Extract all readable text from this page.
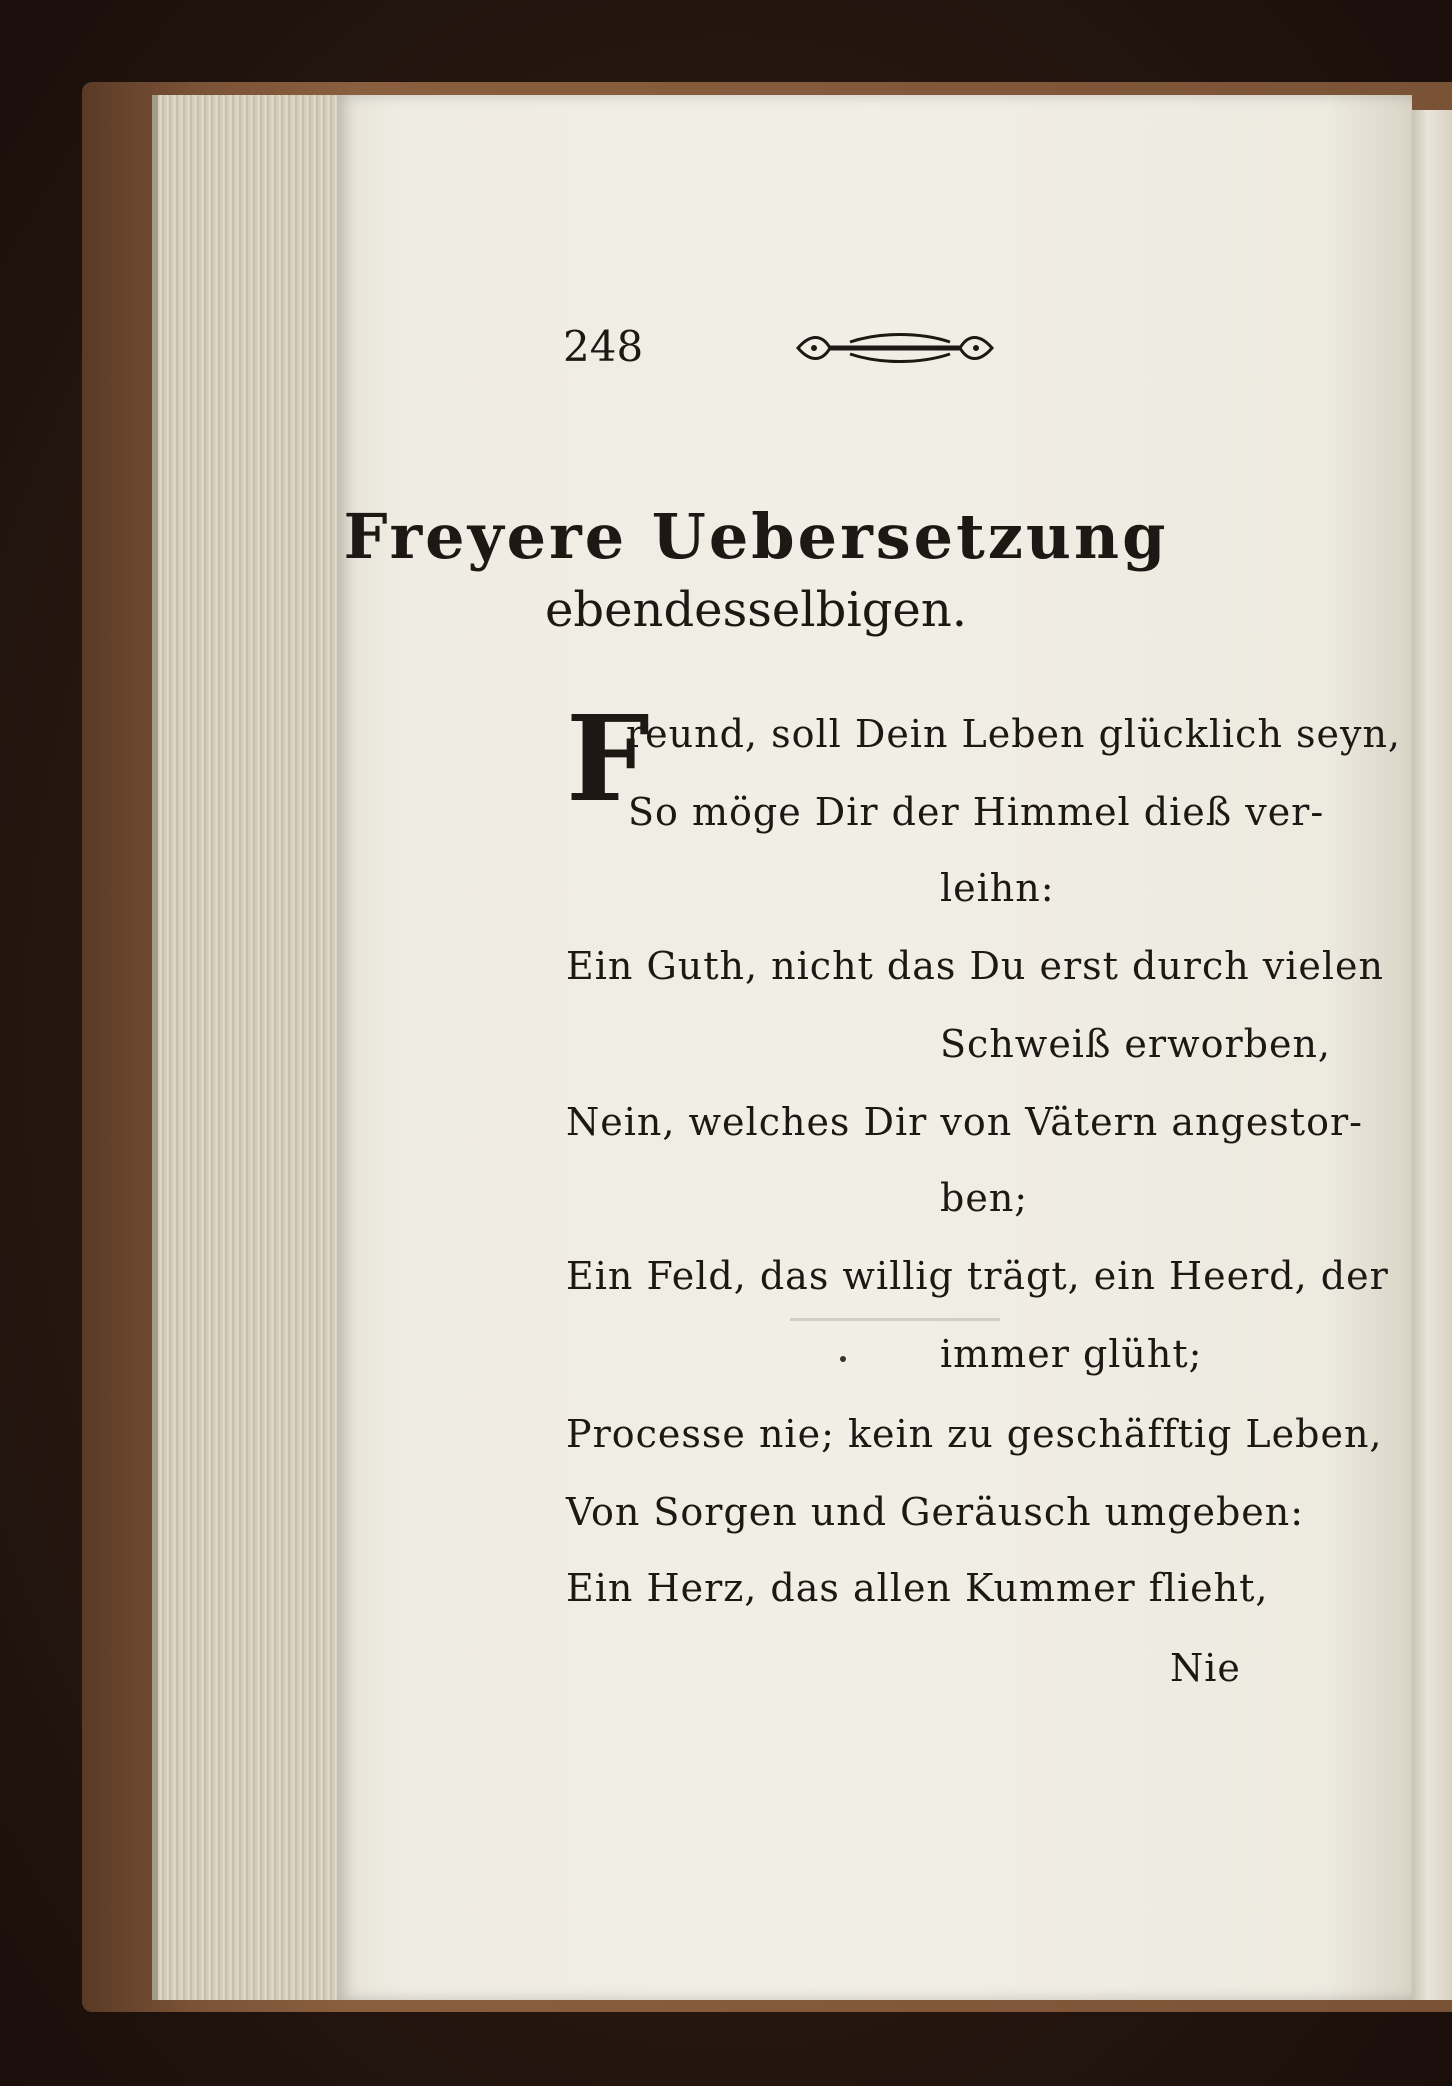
248
Freyere Uebersetzung
ebendesselbigen.
F
reund, soll Dein Leben glücklich seyn,
So möge Dir der Himmel dieß ver-
leihn:
Ein Guth, nicht das Du erst durch vielen
Schweiß erworben,
Nein, welches Dir von Vätern angestor-
ben;
Ein Feld, das willig trägt, ein Heerd, der
immer glüht;
Processe nie; kein zu geschäfftig Leben,
Von Sorgen und Geräusch umgeben:
Ein Herz, das allen Kummer flieht,
Nie
